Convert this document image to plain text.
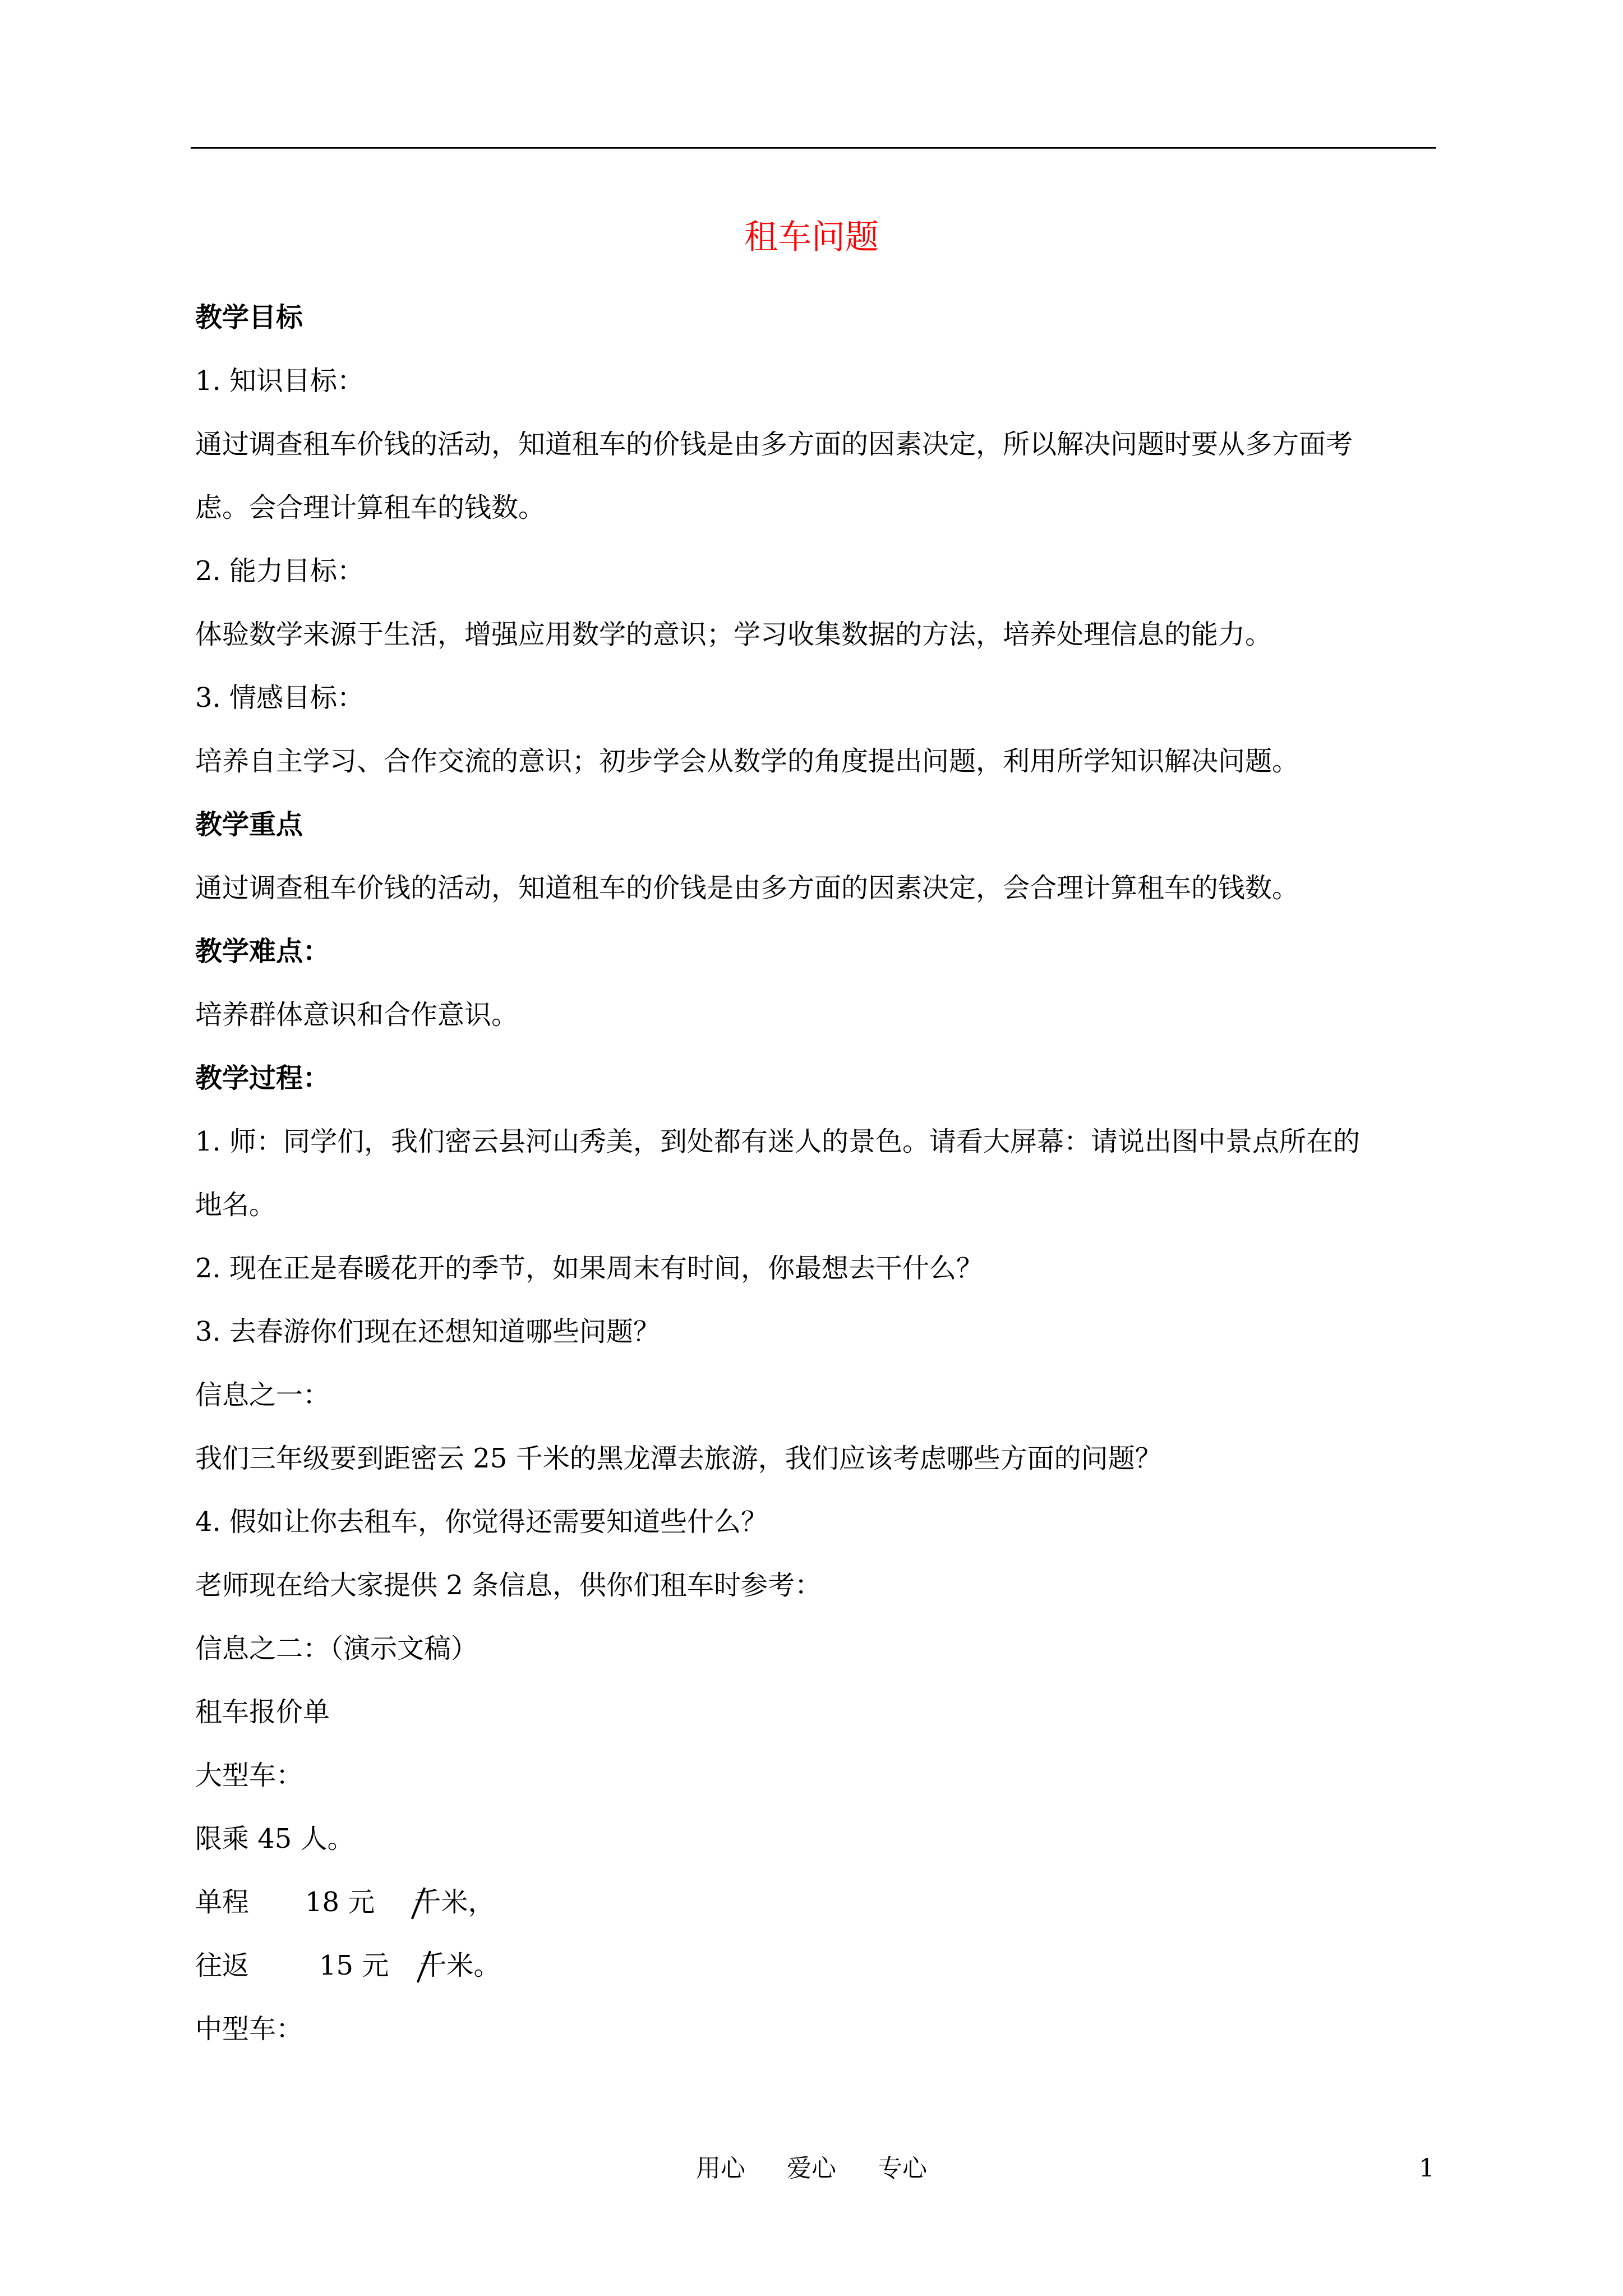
租车问题
教学目标
1. 知识目标：
通过调查租车价钱的活动，知道租车的价钱是由多方面的因素决定，所以解决问题时要从多方面考
虑。会合理计算租车的钱数。
2. 能力目标：
体验数学来源于生活，增强应用数学的意识；学习收集数据的方法，培养处理信息的能力。
3. 情感目标：
培养自主学习、合作交流的意识；初步学会从数学的角度提出问题，利用所学知识解决问题。
教学重点
通过调查租车价钱的活动，知道租车的价钱是由多方面的因素决定，会合理计算租车的钱数。
教学难点：
培养群体意识和合作意识。
教学过程：
1. 师：同学们，我们密云县河山秀美，到处都有迷人的景色。请看大屏幕：请说出图中景点所在的
地名。
2. 现在正是春暖花开的季节，如果周末有时间，你最想去干什么？
3. 去春游你们现在还想知道哪些问题？
信息之一：
我们三年级要到距密云 25 千米的黑龙潭去旅游，我们应该考虑哪些方面的问题？
4. 假如让你去租车，你觉得还需要知道些什么？
老师现在给大家提供 2 条信息，供你们租车时参考：
信息之二：（演示文稿）
租车报价单
大型车：
限乘 45 人。
单程 18 元 千
米，
往返	15 元 千
米。
中型车：
用心 爱心 专心	1
